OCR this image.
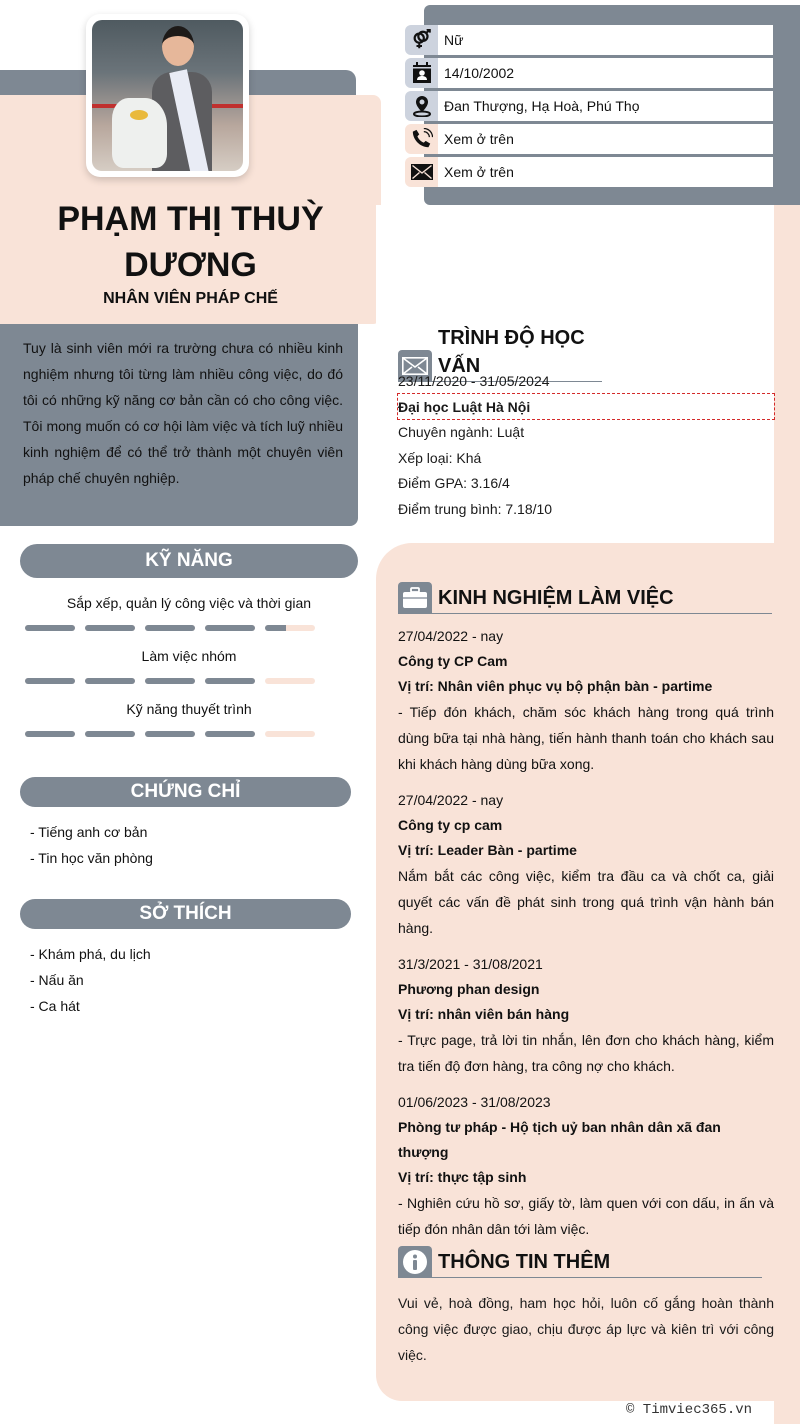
PHẠM THỊ THUỲ DƯƠNG
NHÂN VIÊN PHÁP CHẾ

Tuy là sinh viên mới ra trường chưa có nhiều kinh nghiệm nhưng tôi từng làm nhiều công việc, do đó tôi có những kỹ năng cơ bản cần có cho công việc. Tôi mong muốn có cơ hội làm việc và tích luỹ nhiều kinh nghiệm để có thể trở thành một chuyên viên pháp chế chuyên nghiệp.

Nữ
14/10/2002
Đan Thượng, Hạ Hoà, Phú Thọ
Xem ở trên
Xem ở trên
TRÌNH ĐỘ HỌC VẤN
23/11/2020 - 31/05/2024
Đại học Luật Hà Nội
Chuyên ngành: Luật
Xếp loại: Khá
Điểm GPA: 3.16/4
Điểm trung bình: 7.18/10
KINH NGHIỆM LÀM VIỆC
27/04/2022 - nay
Công ty CP Cam
Vị trí: Nhân viên phục vụ bộ phận bàn - partime
- Tiếp đón khách, chăm sóc khách hàng trong quá trình dùng bữa tại nhà hàng, tiến hành thanh toán cho khách sau khi khách hàng dùng bữa xong.
27/04/2022 - nay
Công ty cp cam
Vị trí: Leader Bàn - partime
Nắm bắt các công việc, kiểm tra đầu ca và chốt ca, giải quyết các vấn đề phát sinh trong quá trình vận hành bán hàng.
31/3/2021 - 31/08/2021
Phương phan design
Vị trí: nhân viên bán hàng
- Trực page, trả lời tin nhắn, lên đơn cho khách hàng, kiểm tra tiến độ đơn hàng, tra công nợ cho khách.
01/06/2023 - 31/08/2023
Phòng tư pháp - Hộ tịch uỷ ban nhân dân xã đan thượng
Vị trí: thực tập sinh
- Nghiên cứu hồ sơ, giấy tờ, làm quen với con dấu, in ấn và tiếp đón nhân dân tới làm việc.
THÔNG TIN THÊM
Vui vẻ, hoà đồng, ham học hỏi, luôn cố gắng hoàn thành công việc được giao, chịu được áp lực và kiên trì với công việc.
© Timviec365.vn
KỸ NĂNG
Sắp xếp, quản lý công việc và thời gian
Làm việc nhóm
Kỹ năng thuyết trình
CHỨNG CHỈ
- Tiếng anh cơ bản
- Tin học văn phòng
SỞ THÍCH
- Khám phá, du lịch
- Nấu ăn
- Ca hát
